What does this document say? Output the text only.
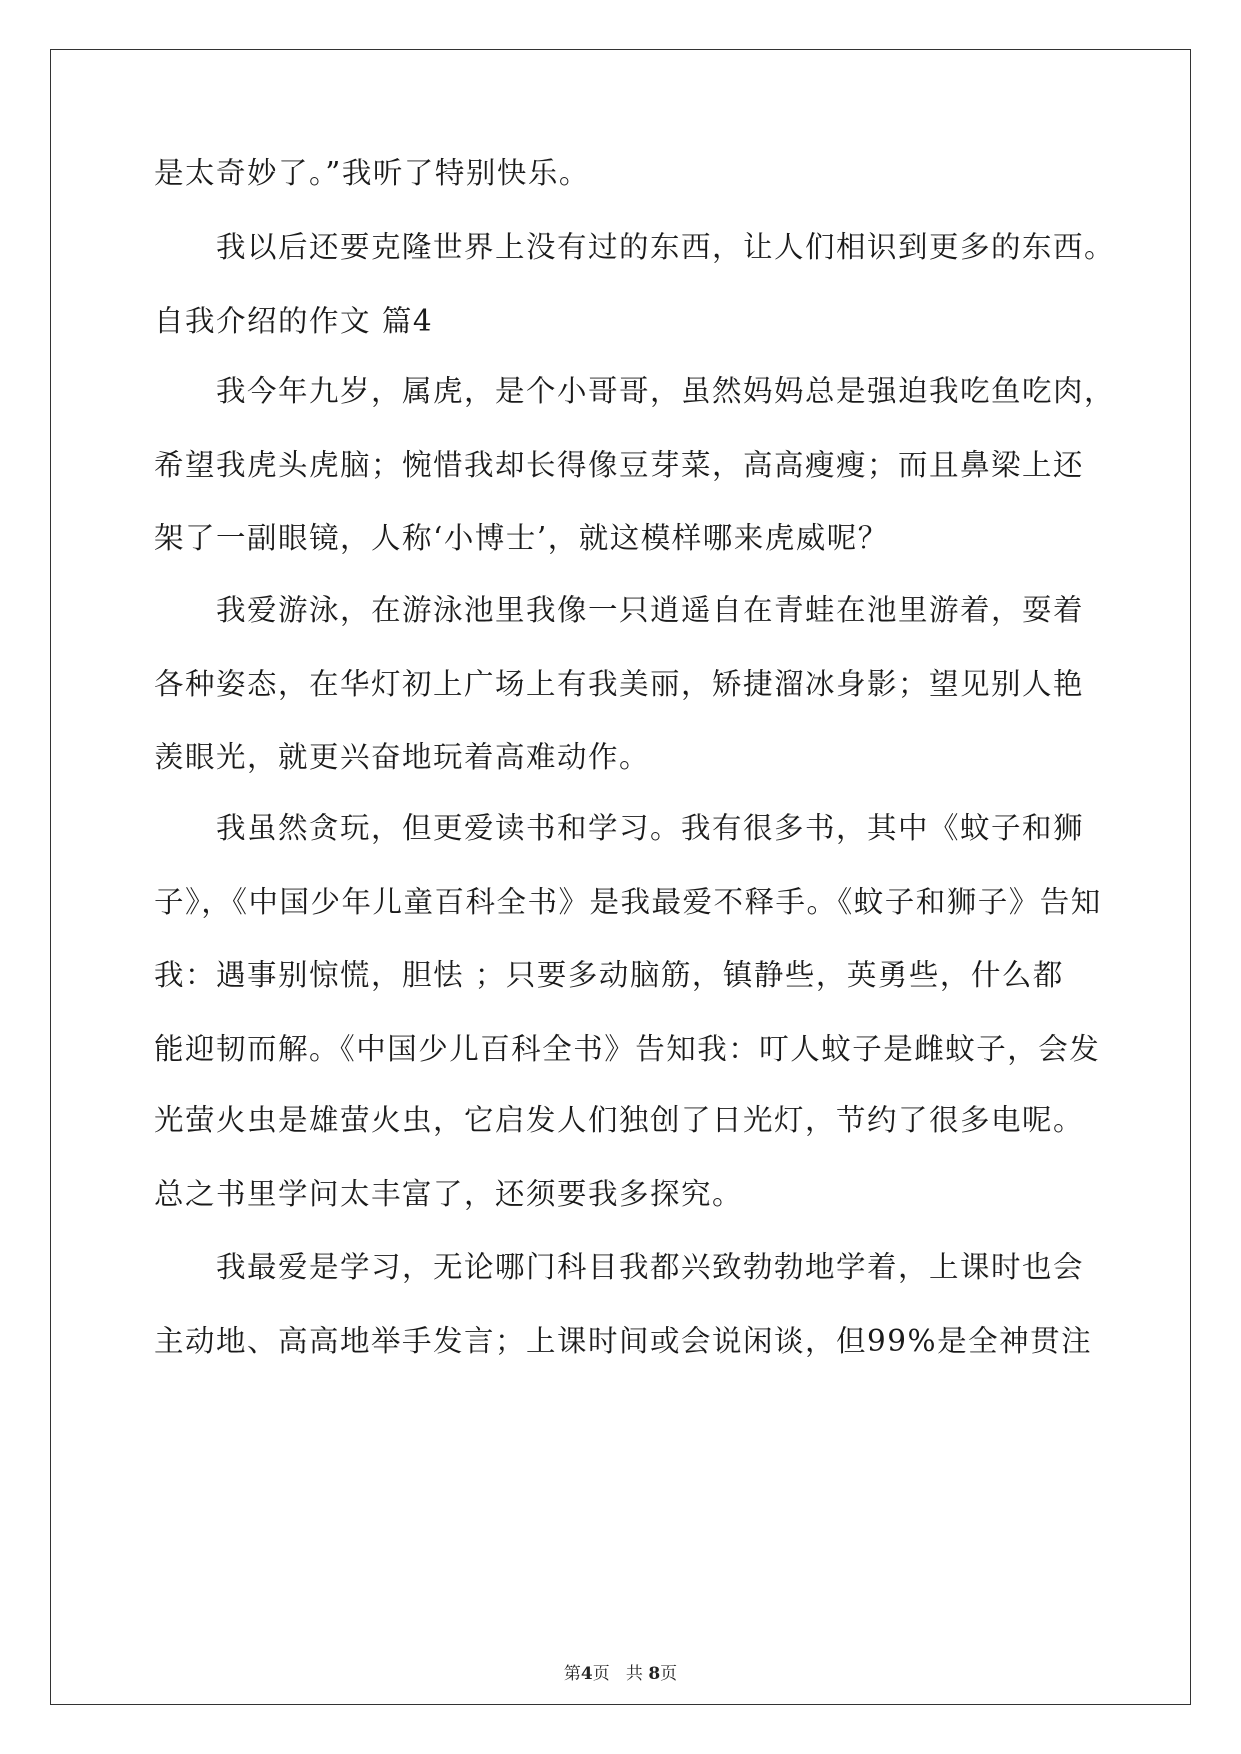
是太奇妙了。”我听了特别快乐。
我以后还要克隆世界上没有过的东西，让人们相识到更多的东西。
自我介绍的作文 篇4
我今年九岁，属虎，是个小哥哥，虽然妈妈总是强迫我吃鱼吃肉，
希望我虎头虎脑；惋惜我却长得像豆芽菜，高高瘦瘦；而且鼻梁上还
架了一副眼镜，人称‘小博士’，就这模样哪来虎威呢？
我爱游泳，在游泳池里我像一只逍遥自在青蛙在池里游着，耍着
各种姿态，在华灯初上广场上有我美丽，矫捷溜冰身影；望见别人艳
羡眼光，就更兴奋地玩着高难动作。
我虽然贪玩，但更爱读书和学习。我有很多书，其中《蚊子和狮
子》，《中国少年儿童百科全书》是我最爱不释手。《蚊子和狮子》告知
我：遇事别惊慌，胆怯 ；只要多动脑筋，镇静些，英勇些，什么都
能迎韧而解。《中国少儿百科全书》告知我：叮人蚊子是雌蚊子，会发
光萤火虫是雄萤火虫，它启发人们独创了日光灯，节约了很多电呢。
总之书里学问太丰富了，还须要我多探究。
我最爱是学习，无论哪门科目我都兴致勃勃地学着，上课时也会
主动地、高高地举手发言；上课时间或会说闲谈，但99%是全神贯注
第4页 共 8页
